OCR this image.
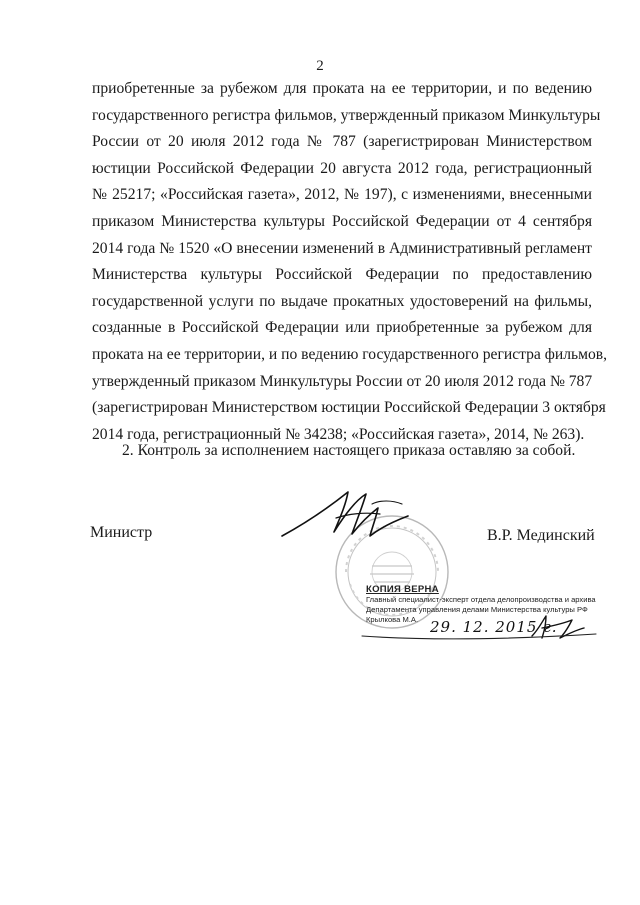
2
приобретенные за рубежом для проката на ее территории, и по ведению
государственного регистра фильмов, утвержденный приказом Минкультуры
России от 20 июля 2012 года № 787 (зарегистрирован Министерством
юстиции Российской Федерации 20 августа 2012 года, регистрационный
№ 25217; «Российская газета», 2012, № 197), с изменениями, внесенными
приказом Министерства культуры Российской Федерации от 4 сентября
2014 года № 1520 «О внесении изменений в Административный регламент
Министерства культуры Российской Федерации по предоставлению
государственной услуги по выдаче прокатных удостоверений на фильмы,
созданные в Российской Федерации или приобретенные за рубежом для
проката на ее территории, и по ведению государственного регистра фильмов,
утвержденный приказом Минкультуры России от 20 июля 2012 года № 787
(зарегистрирован Министерством юстиции Российской Федерации 3 октября
2014 года, регистрационный № 34238; «Российская газета», 2014, № 263).
2. Контроль за исполнением настоящего приказа оставляю за собой.
Министр	В.Р. Мединский
КОПИЯ ВЕРНА
Главный специалист-эксперт отдела делопроизводства и архива
Департамента управления делами Министерства культуры РФ
Крылкова М.А. 29. 12. 2015 г.
